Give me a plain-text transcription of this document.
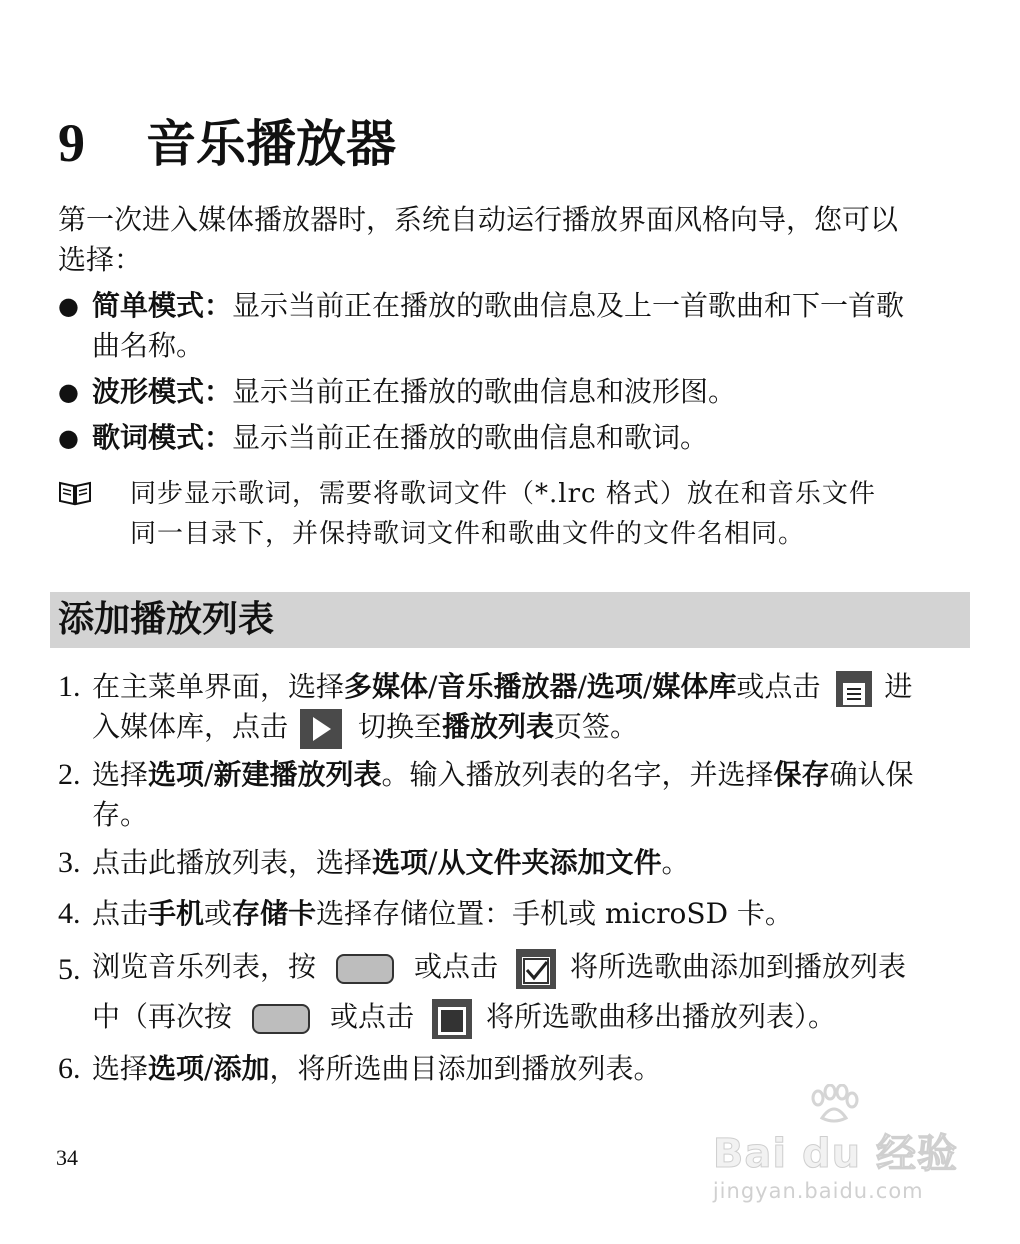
9 音乐播放器
第一次进入媒体播放器时，系统自动运行播放界面风格向导，您可以
选择：
● 简单模式：显示当前正在播放的歌曲信息及上一首歌曲和下一首歌
曲名称。
● 波形模式：显示当前正在播放的歌曲信息和波形图。
● 歌词模式：显示当前正在播放的歌曲信息和歌词。
同步显示歌词，需要将歌词文件（*.lrc 格式）放在和音乐文件
同一目录下，并保持歌词文件和歌曲文件的文件名相同。
添加播放列表
1. 在主菜单界面，选择多媒体/音乐播放器/选项/媒体库或点击 进
入媒体库，点击	切换至播放列表页签。
2. 选择选项/新建播放列表。输入播放列表的名字，并选择保存确认保
存。
3. 点击此播放列表，选择选项/从文件夹添加文件。
4. 点击手机或存储卡选择存储位置：手机或 microSD 卡。
5. 浏览音乐列表，按	或点击	将所选歌曲添加到播放列表
中（再次按	或点击	将所选歌曲移出播放列表）。
6. 选择选项/添加，将所选曲目添加到播放列表。
34	Bai du 经验
jingyan.baidu.com
